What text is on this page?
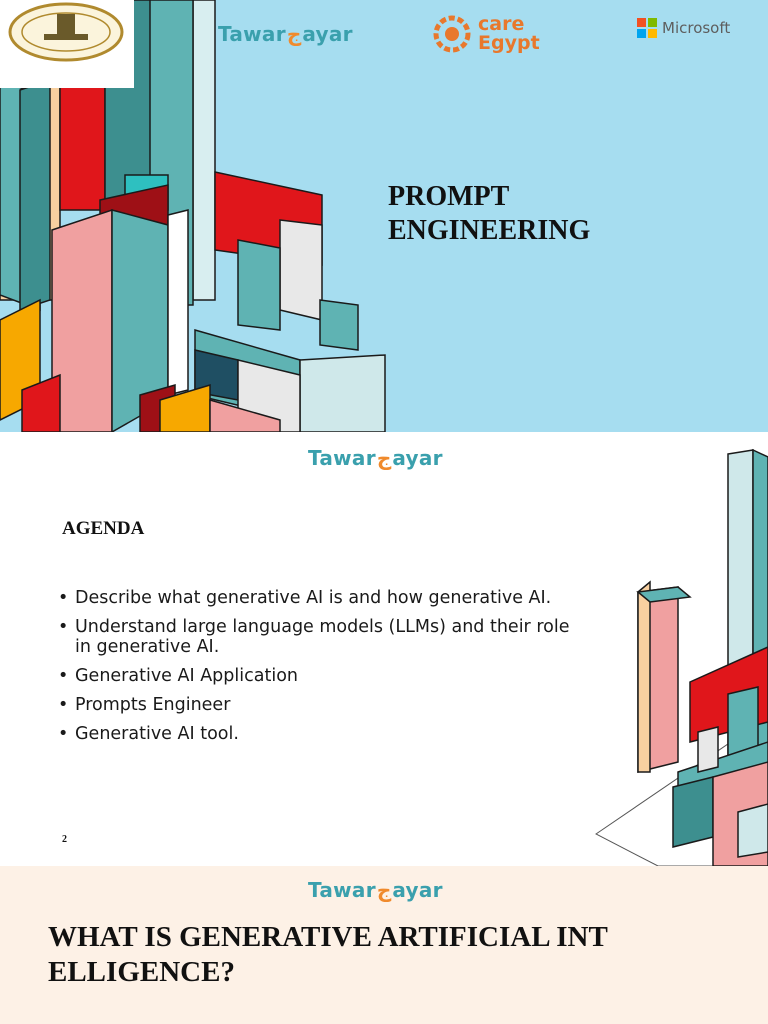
Tawar ج ayar	care
Egypt
Microsoft
PROMPT
ENGINEERING
Tawar ج ayar
AGENDA
• Describe what generative AI is and how generative AI.
• Understand large language models (LLMs) and their role in generative AI.
• Generative AI Application
• Prompts Engineer
• Generative AI tool.
2
Tawar ج ayar
WHAT IS GENERATIVE ARTIFICIAL INTELLIGENCE?
